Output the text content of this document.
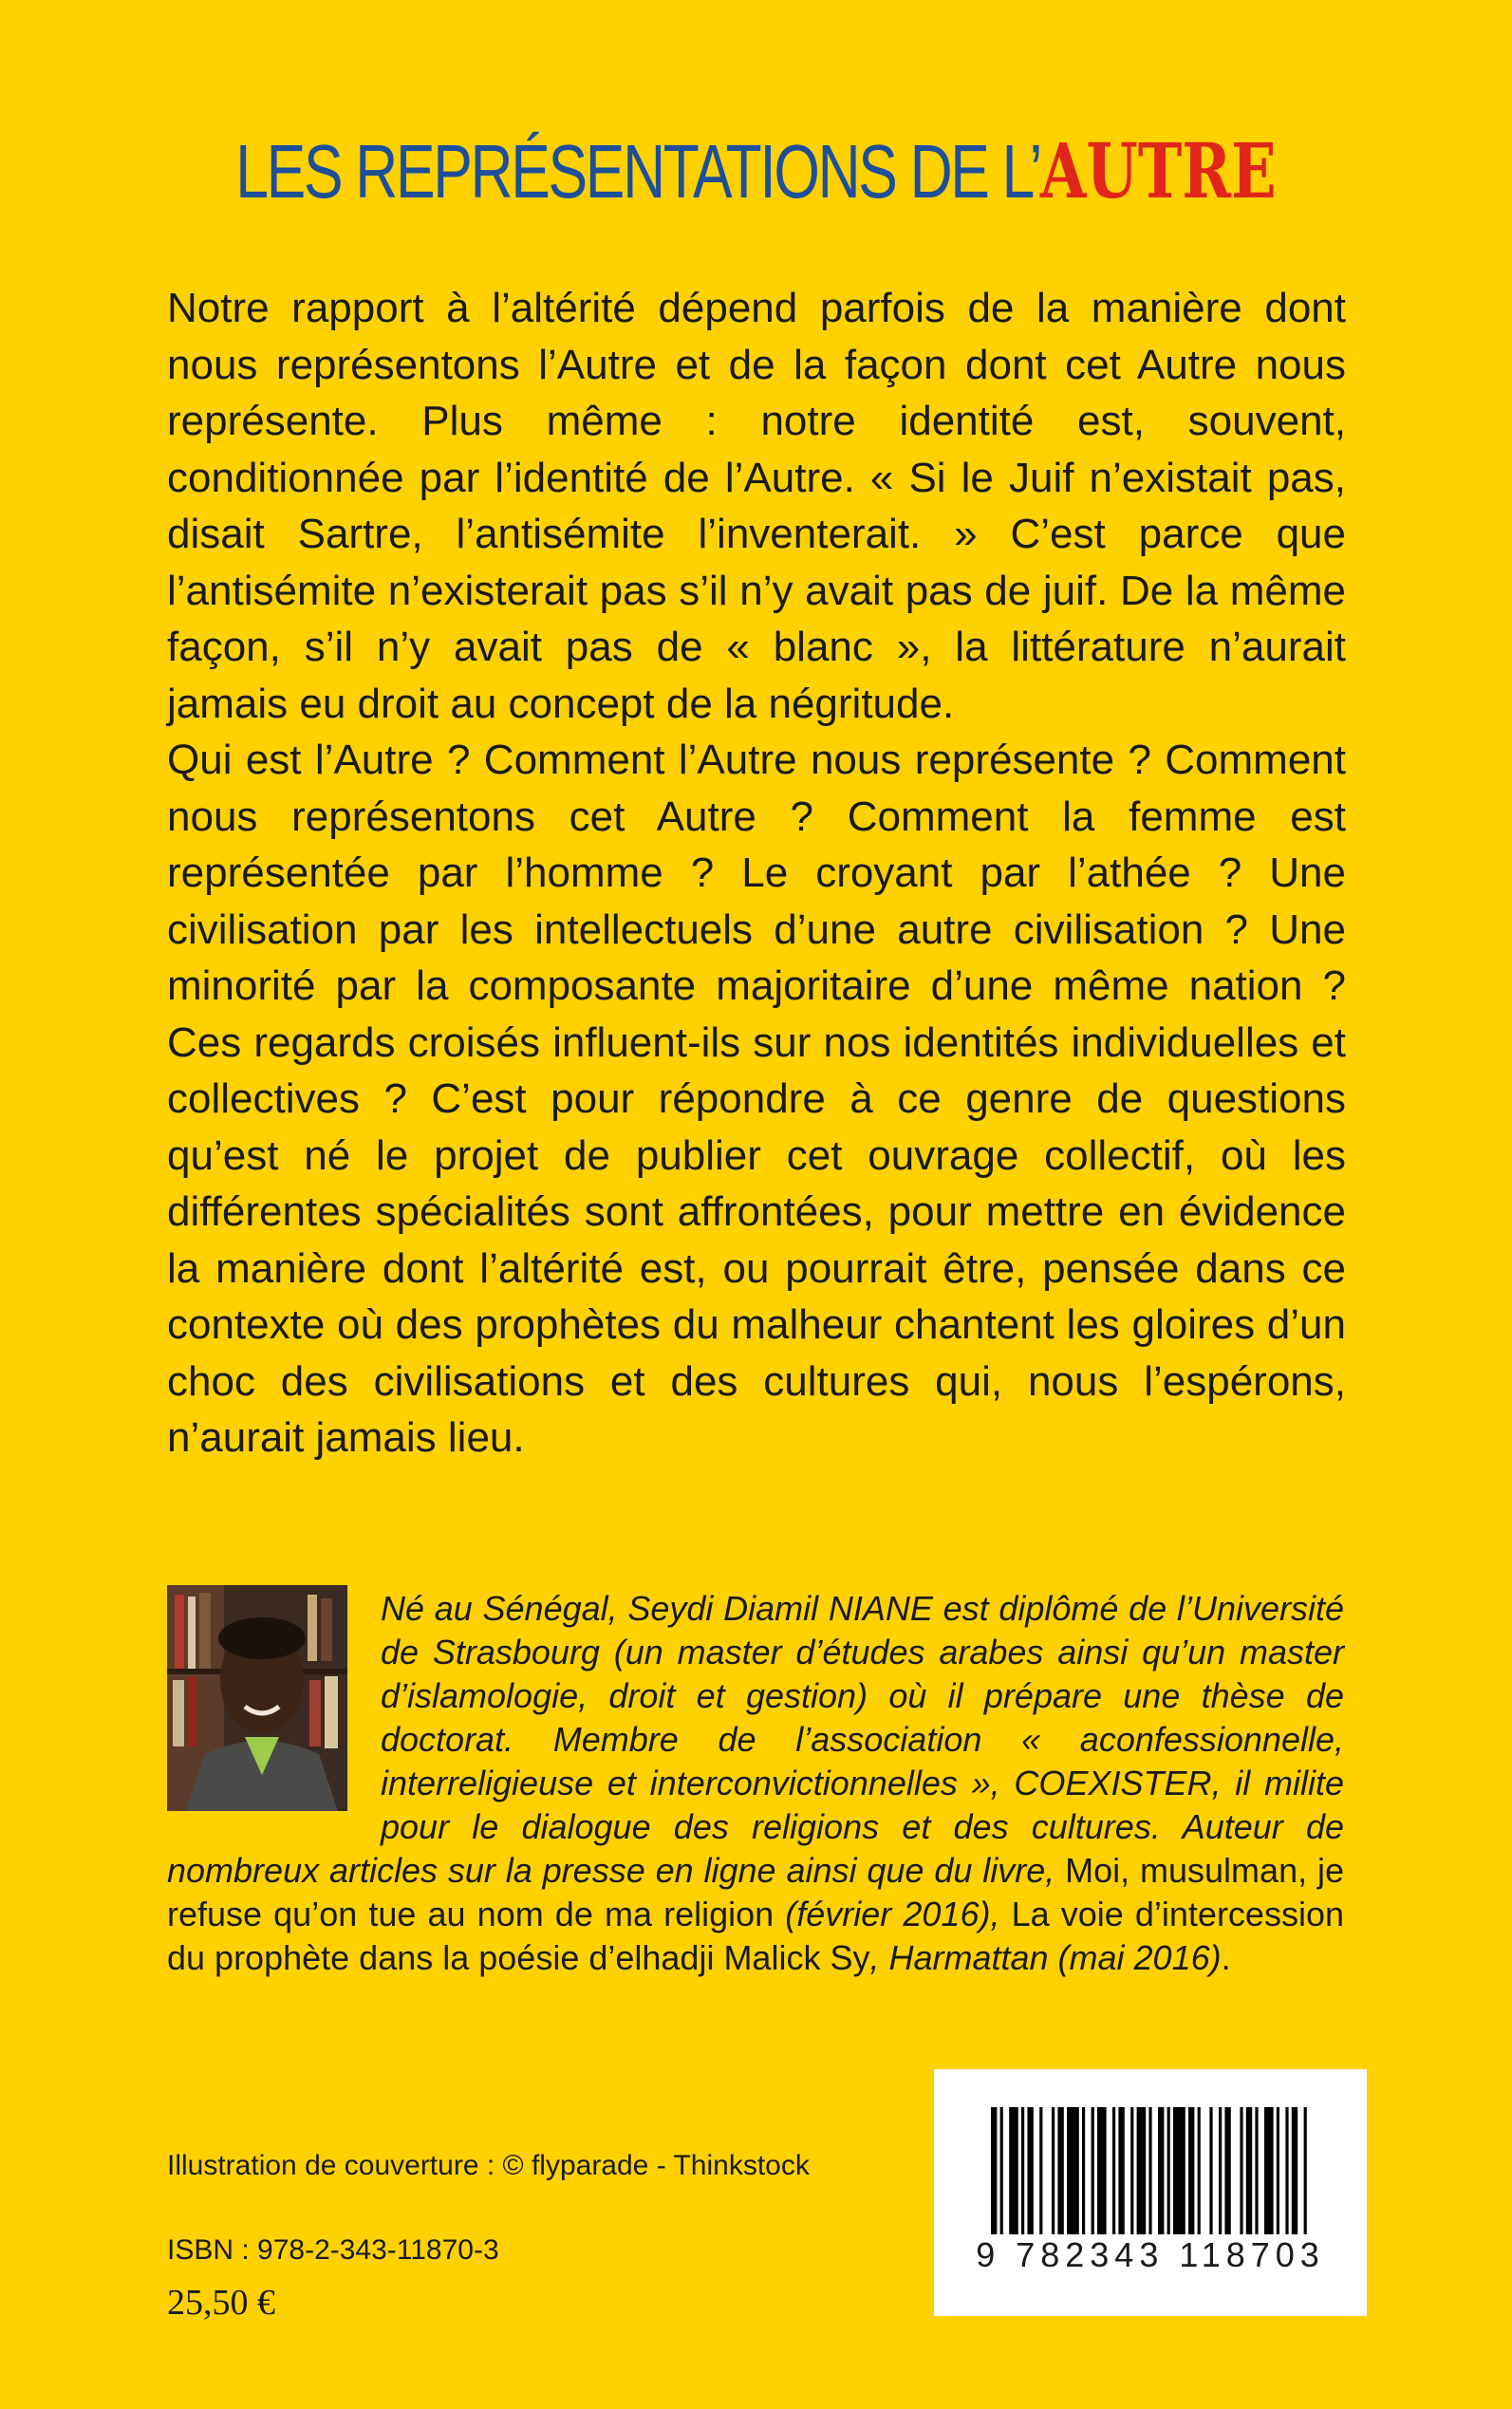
LES REPRÉSENTATIONS DE L’AUTRE

Notre rapport à l’altérité dépend parfois de la manière dont nous représentons l’Autre et de la façon dont cet Autre nous représente. Plus même : notre identité est, souvent, conditionnée par l’identité de l’Autre. « Si le Juif n’existait pas, disait Sartre, l’antisémite l’inventerait. » C’est parce que l’antisémite n’existerait pas s’il n’y avait pas de juif. De la même façon, s’il n’y avait pas de « blanc », la littérature n’aurait jamais eu droit au concept de la négritude.

Qui est l’Autre ? Comment l’Autre nous représente ? Comment nous représentons cet Autre ? Comment la femme est représentée par l’homme ? Le croyant par l’athée ? Une civilisation par les intellectuels d’une autre civilisation ? Une minorité par la composante majoritaire d’une même nation ? Ces regards croisés influent-ils sur nos identités individuelles et collectives ? C’est pour répondre à ce genre de questions qu’est né le projet de publier cet ouvrage collectif, où les différentes spécialités sont affrontées, pour mettre en évidence la manière dont l’altérité est, ou pourrait être, pensée dans ce contexte où des prophètes du malheur chantent les gloires d’un choc des civilisations et des cultures qui, nous l’espérons, n’aurait jamais lieu.

Né au Sénégal, Seydi Diamil NIANE est diplômé de l’Université de Strasbourg (un master d’études arabes ainsi qu’un master d’islamologie, droit et gestion) où il prépare une thèse de doctorat. Membre de l’association « aconfessionnelle, interreligieuse et interconvictionnelles », COEXISTER, il milite pour le dialogue des religions et des cultures. Auteur de nombreux articles sur la presse en ligne ainsi que du livre, Moi, musulman, je refuse qu’on tue au nom de ma religion (février 2016), La voie d’intercession du prophète dans la poésie d’elhadji Malick Sy, Harmattan (mai 2016).
Illustration de couverture : © flyparade - Thinkstock
ISBN : 978-2-343-11870-3
25,50 €
9 782343 118703
